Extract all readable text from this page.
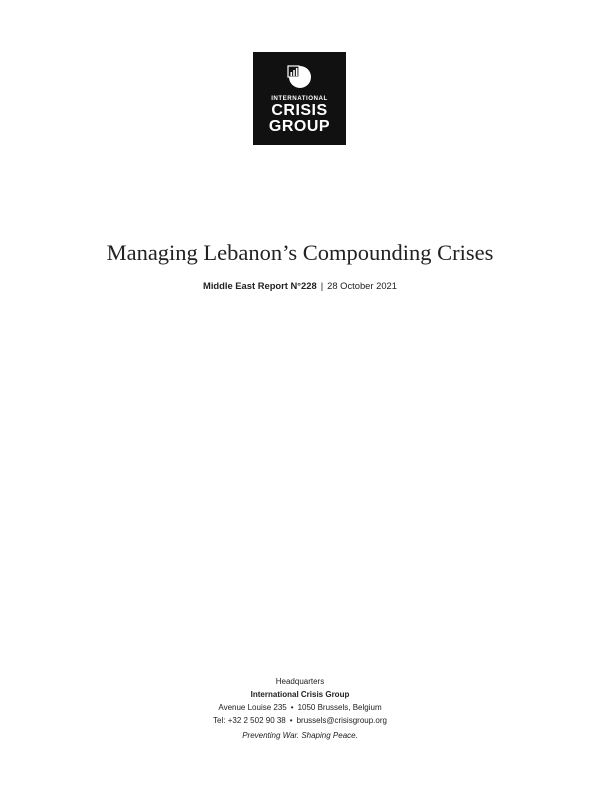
INTERNATIONAL
CRISIS
GROUP
Managing Lebanon’s Compounding Crises
Middle East Report N°228 | 28 October 2021
Headquarters
International Crisis Group
Avenue Louise 235 • 1050 Brussels, Belgium
Tel: +32 2 502 90 38 • brussels@crisisgroup.org
Preventing War. Shaping Peace.
